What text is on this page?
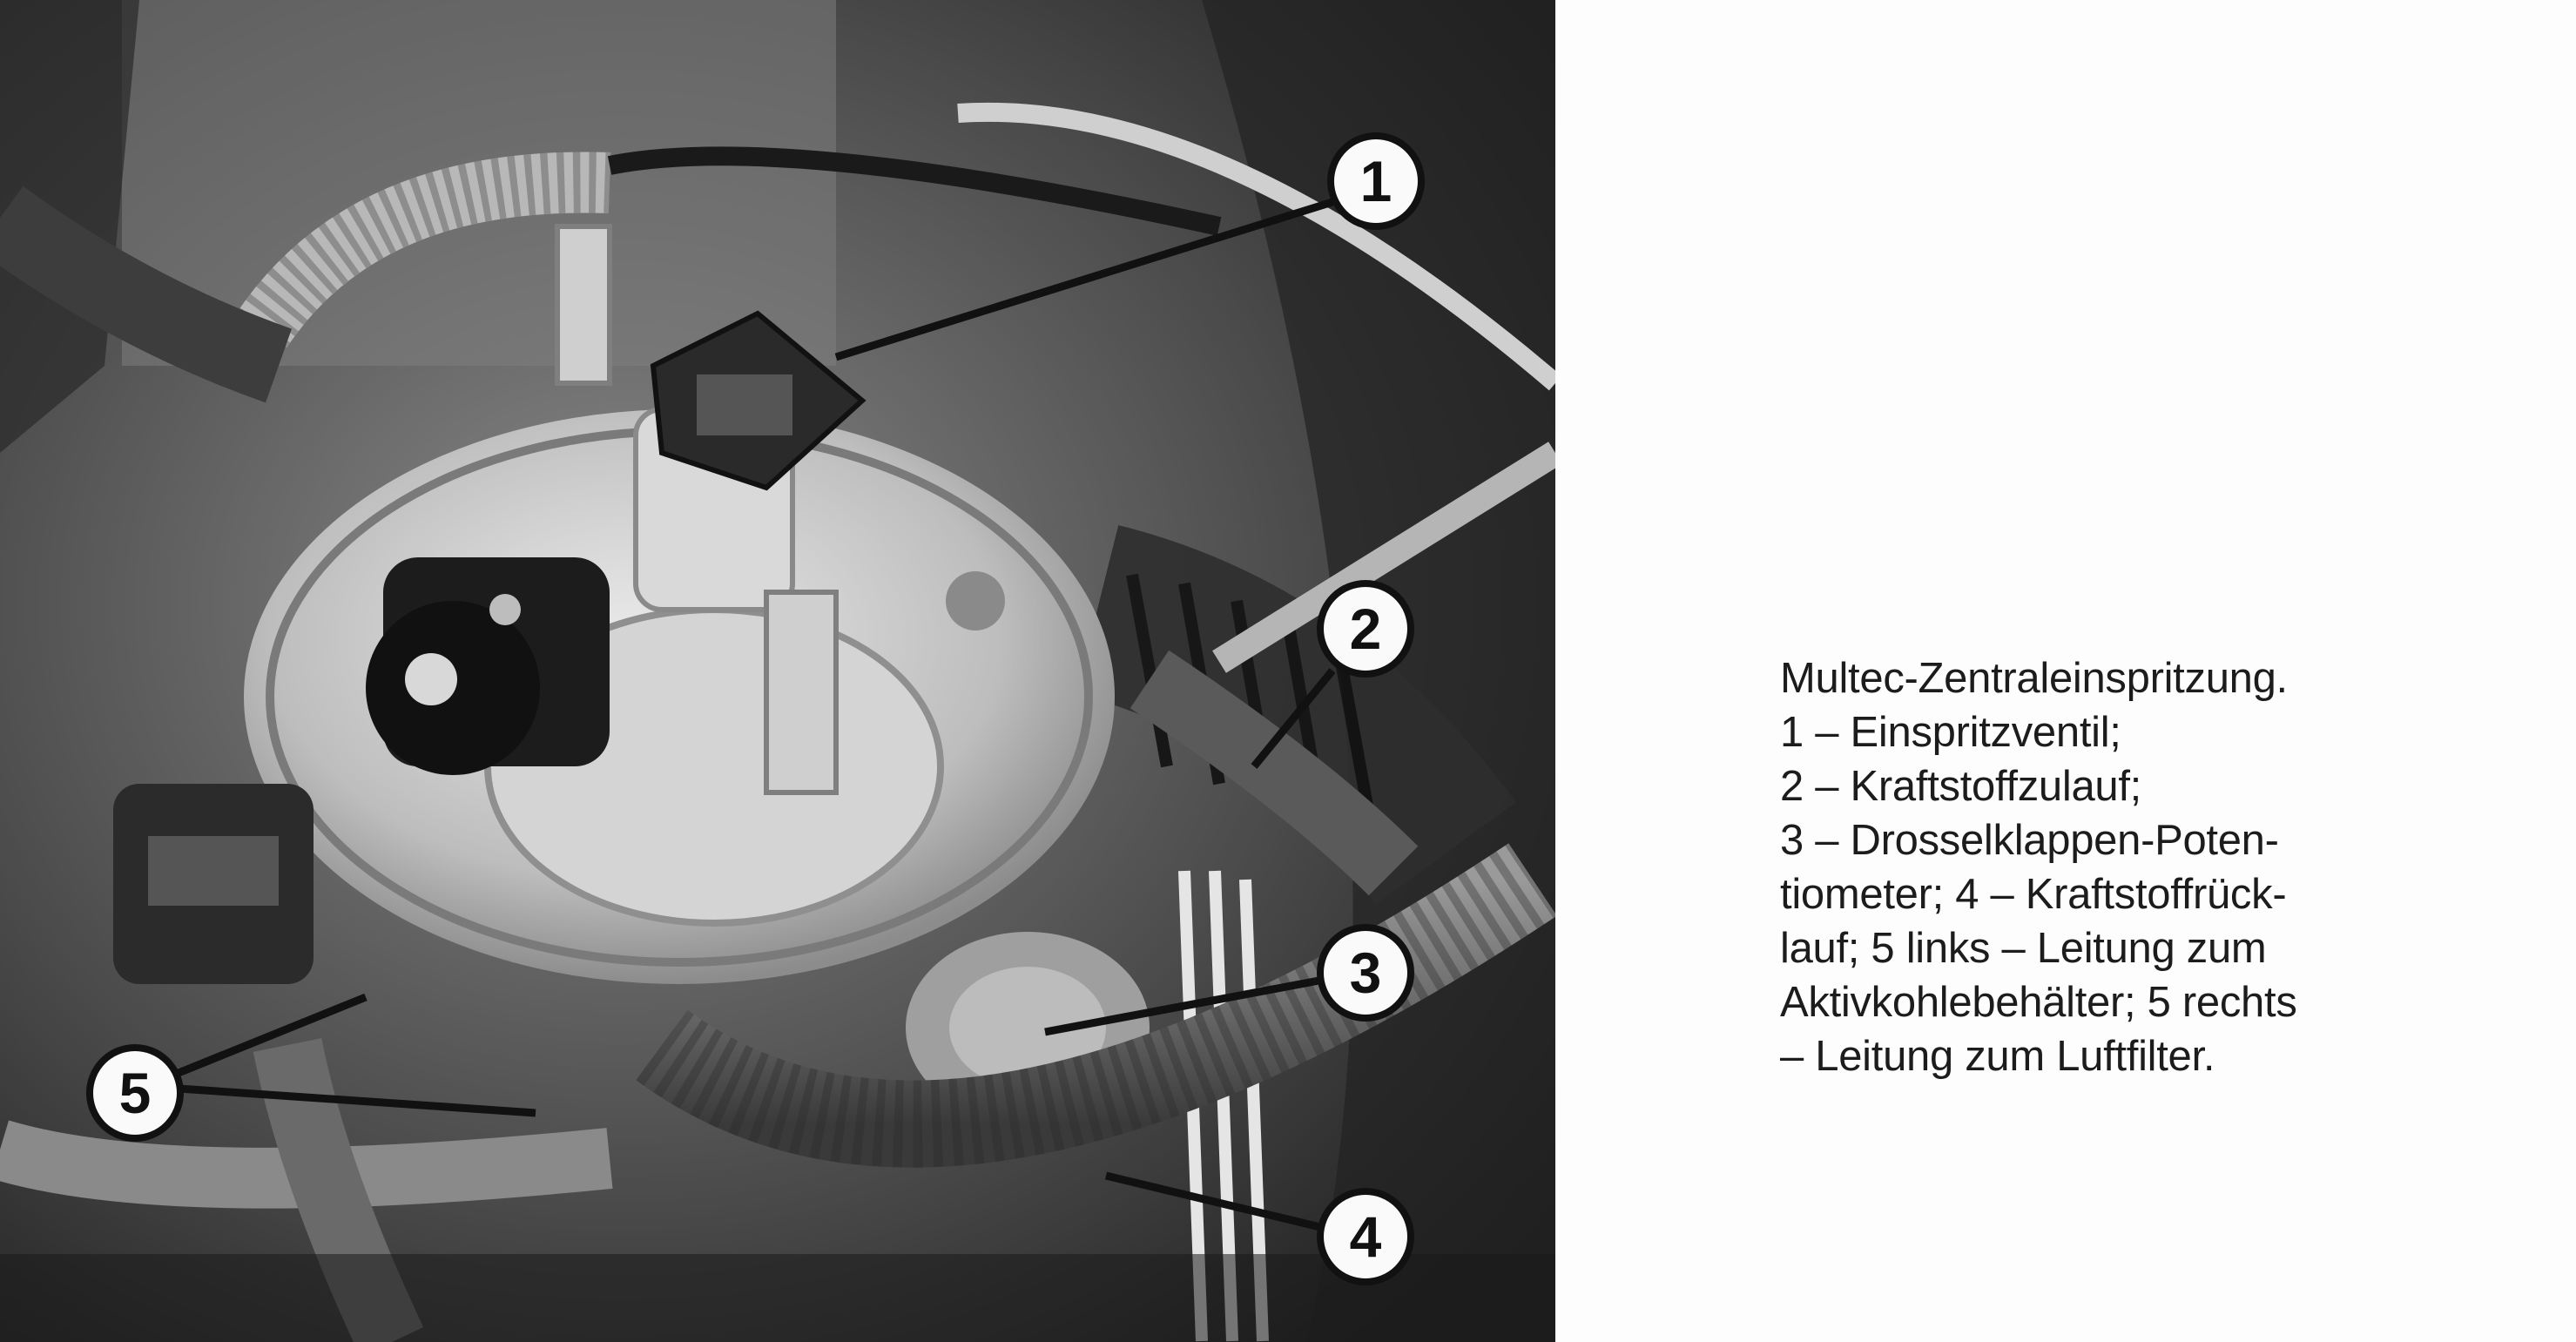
1
2
3
4
5
Multec-Zentraleinspritzung.
1 – Einspritzventil;
2 – Kraftstoffzulauf;
3 – Drosselklappen-Poten-
tiometer; 4 – Kraftstoffrück-
lauf; 5 links – Leitung zum
Aktivkohlebehälter; 5 rechts
– Leitung zum Luftfilter.
